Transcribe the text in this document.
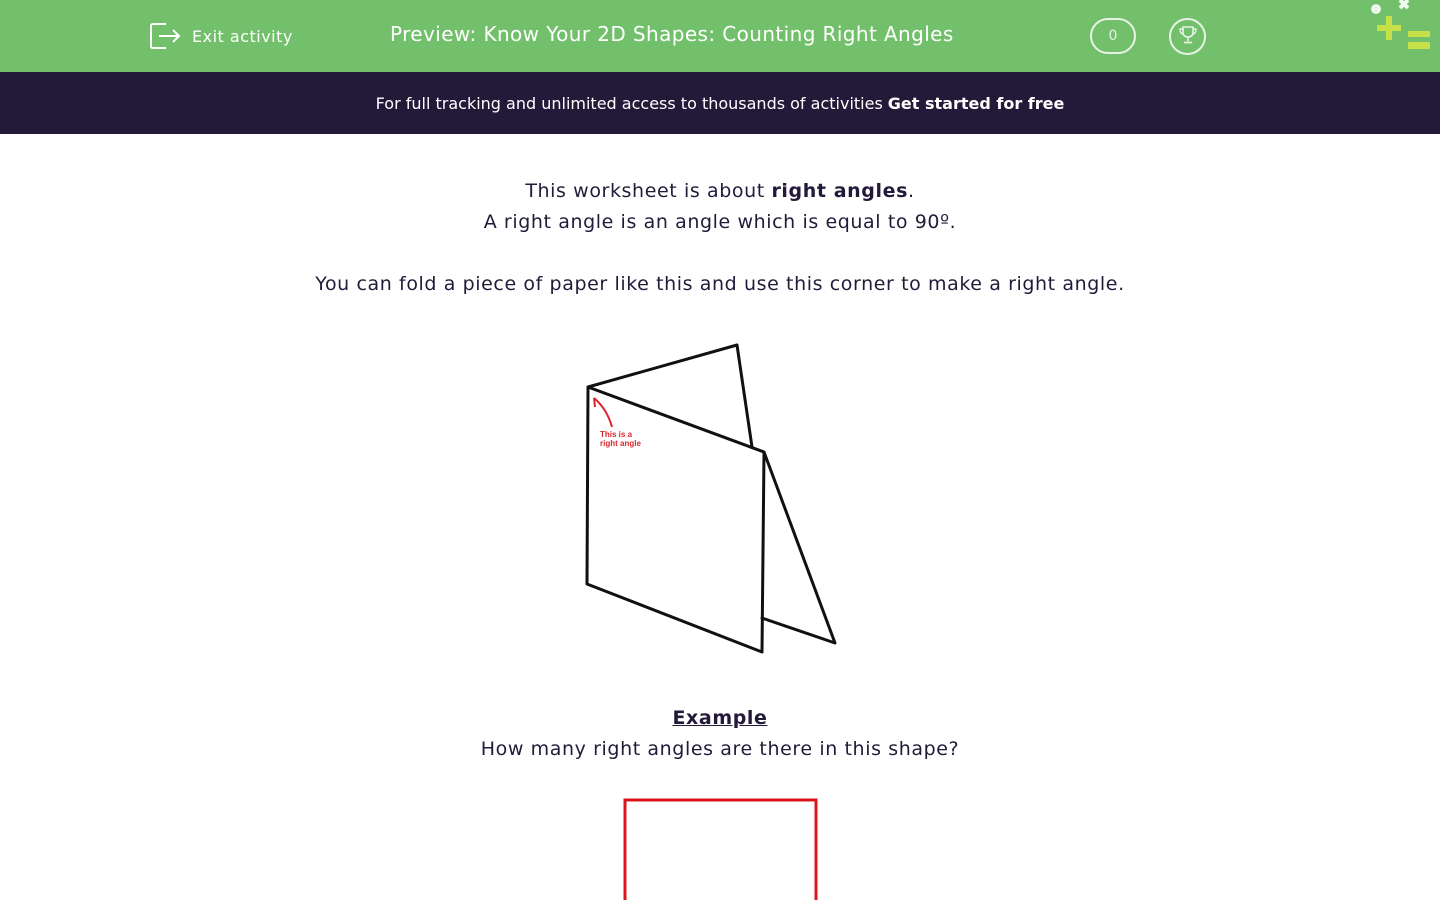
Exit activity	Preview: Know Your 2D Shapes: Counting Right Angles	0
For full tracking and unlimited access to thousands of activities Get started for free
This worksheet is about right angles.
A right angle is an angle which is equal to 90º.
You can fold a piece of paper like this and use this corner to make a right angle.
This is a
right angle
Example
How many right angles are there in this shape?
